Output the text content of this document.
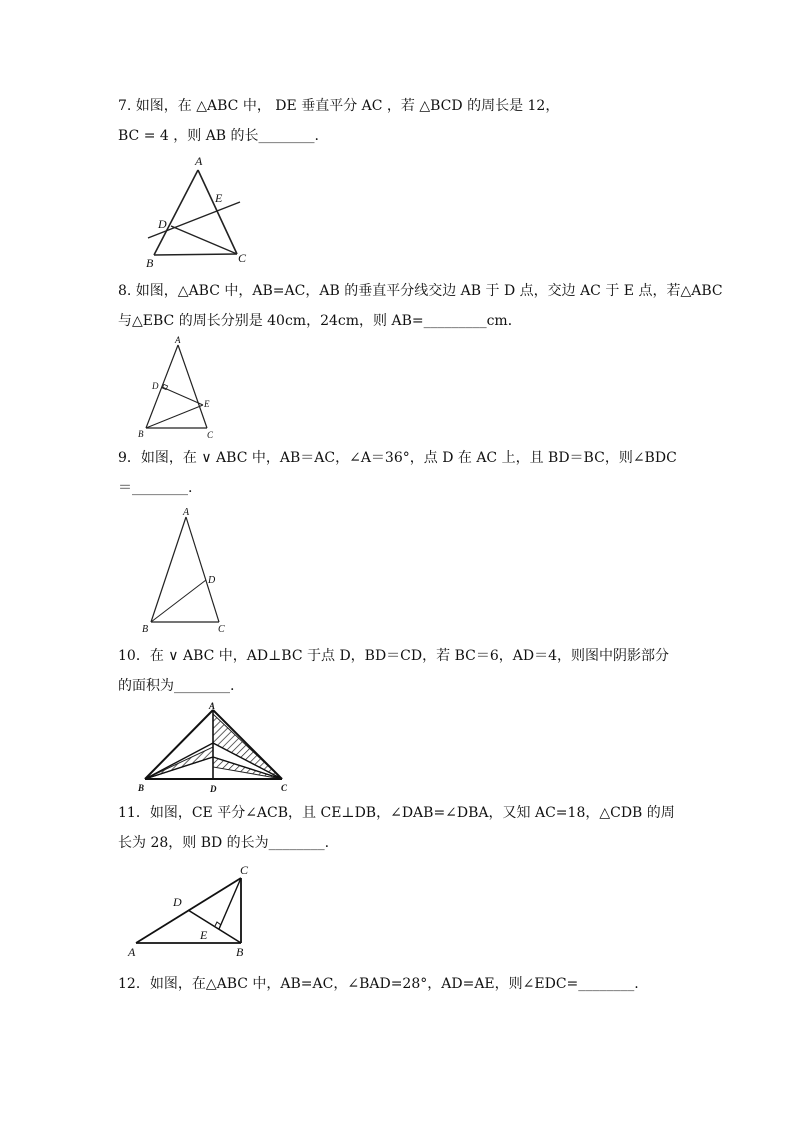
7. 如图，在 △ABC 中， DE 垂直平分 AC ，若 △BCD 的周长是 12，
BC = 4 ，则 AB 的长________.
A
B	C
D
E
8. 如图，△ABC 中，AB=AC，AB 的垂直平分线交边 AB 于 D 点，交边 AC 于 E 点，若△ABC
与△EBC 的周长分别是 40cm，24cm，则 AB=_________cm．
A
B	C
D
E
9．如图，在 ∨ ABC 中，AB＝AC，∠A＝36°，点 D 在 AC 上，且 BD＝BC，则∠BDC
＝________.
A
B	C
D
10．在 ∨ ABC 中，AD⊥BC 于点 D，BD＝CD，若 BC＝6，AD＝4，则图中阴影部分
的面积为________.
A
B	C
D
11．如图，CE 平分∠ACB，且 CE⊥DB，∠DAB=∠DBA，又知 AC=18，△CDB 的周
长为 28，则 BD 的长为________.
C
A	B
D
E
12．如图，在△ABC 中，AB=AC，∠BAD=28°，AD=AE，则∠EDC=________.
